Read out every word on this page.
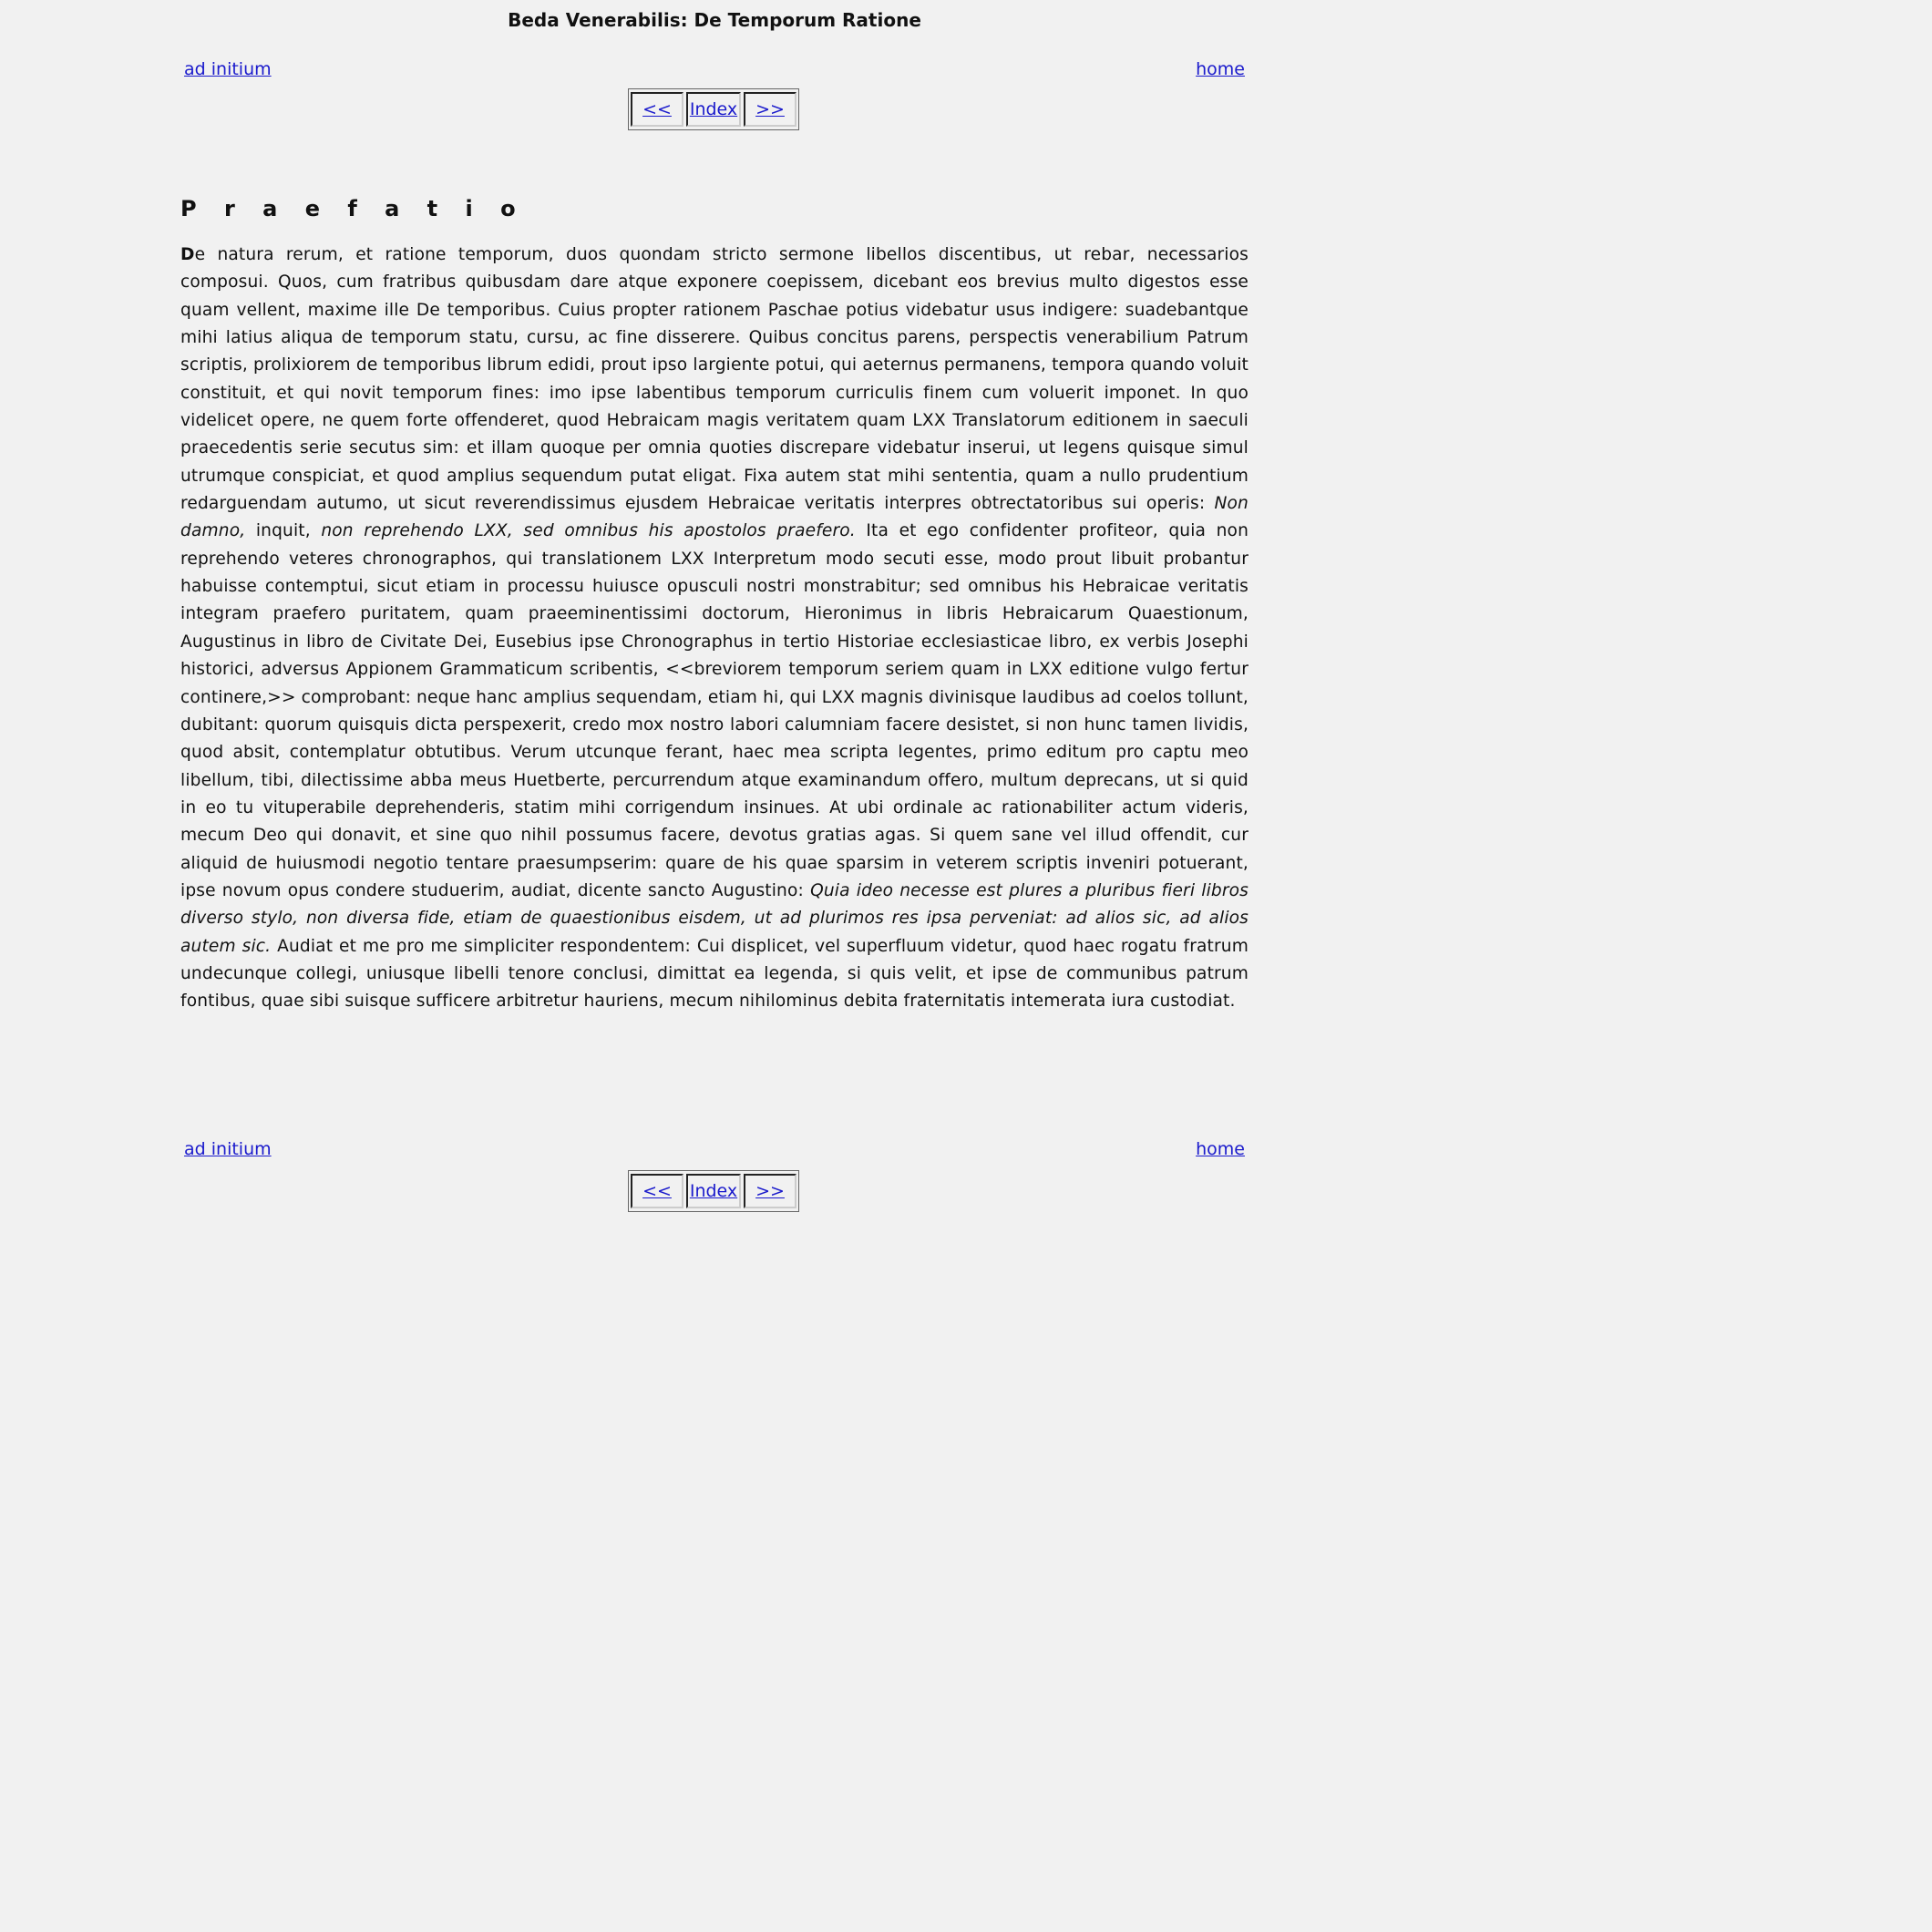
Beda Venerabilis: De Temporum Ratione
ad initium	home
<< Index >>
P r a e f a t i o

De natura rerum, et ratione temporum, duos quondam stricto sermone libellos discentibus, ut rebar, necessarios composui. Quos, cum fratribus quibusdam dare atque exponere coepissem, dicebant eos brevius multo digestos esse quam vellent, maxime ille De temporibus. Cuius propter rationem Paschae potius videbatur usus indigere: suadebantque mihi latius aliqua de temporum statu, cursu, ac fine disserere. Quibus concitus parens, perspectis venerabilium Patrum scriptis, prolixiorem de temporibus librum edidi, prout ipso largiente potui, qui aeternus permanens, tempora quando voluit constituit, et qui novit temporum fines: imo ipse labentibus temporum curriculis finem cum voluerit imponet. In quo videlicet opere, ne quem forte offenderet, quod Hebraicam magis veritatem quam LXX Translatorum editionem in saeculi praecedentis serie secutus sim: et illam quoque per omnia quoties discrepare videbatur inserui, ut legens quisque simul utrumque conspiciat, et quod amplius sequendum putat eligat. Fixa autem stat mihi sententia, quam a nullo prudentium redarguendam autumo, ut sicut reverendissimus ejusdem Hebraicae veritatis interpres obtrectatoribus sui operis: Non damno, inquit, non reprehendo LXX, sed omnibus his apostolos praefero. Ita et ego confidenter profiteor, quia non reprehendo veteres chronographos, qui translationem LXX Interpretum modo secuti esse, modo prout libuit probantur habuisse contemptui, sicut etiam in processu huiusce opusculi nostri monstrabitur; sed omnibus his Hebraicae veritatis integram praefero puritatem, quam praeeminentissimi doctorum, Hieronimus in libris Hebraicarum Quaestionum, Augustinus in libro de Civitate Dei, Eusebius ipse Chronographus in tertio Historiae ecclesiasticae libro, ex verbis Josephi historici, adversus Appionem Grammaticum scribentis, <<breviorem temporum seriem quam in LXX editione vulgo fertur continere,>> comprobant: neque hanc amplius sequendam, etiam hi, qui LXX magnis divinisque laudibus ad coelos tollunt, dubitant: quorum quisquis dicta perspexerit, credo mox nostro labori calumniam facere desistet, si non hunc tamen lividis, quod absit, contemplatur obtutibus. Verum utcunque ferant, haec mea scripta legentes, primo editum pro captu meo libellum, tibi, dilectissime abba meus Huetberte, percurrendum atque examinandum offero, multum deprecans, ut si quid in eo tu vituperabile deprehenderis, statim mihi corrigendum insinues. At ubi ordinale ac rationabiliter actum videris, mecum Deo qui donavit, et sine quo nihil possumus facere, devotus gratias agas. Si quem sane vel illud offendit, cur aliquid de huiusmodi negotio tentare praesumpserim: quare de his quae sparsim in veterem scriptis inveniri potuerant, ipse novum opus condere studuerim, audiat, dicente sancto Augustino: Quia ideo necesse est plures a pluribus fieri libros diverso stylo, non diversa fide, etiam de quaestionibus eisdem, ut ad plurimos res ipsa perveniat: ad alios sic, ad alios autem sic. Audiat et me pro me simpliciter respondentem: Cui displicet, vel superfluum videtur, quod haec rogatu fratrum undecunque collegi, uniusque libelli tenore conclusi, dimittat ea legenda, si quis velit, et ipse de communibus patrum fontibus, quae sibi suisque sufficere arbitretur hauriens, mecum nihilominus debita fraternitatis intemerata iura custodiat.

ad initium	home
<< Index >>
